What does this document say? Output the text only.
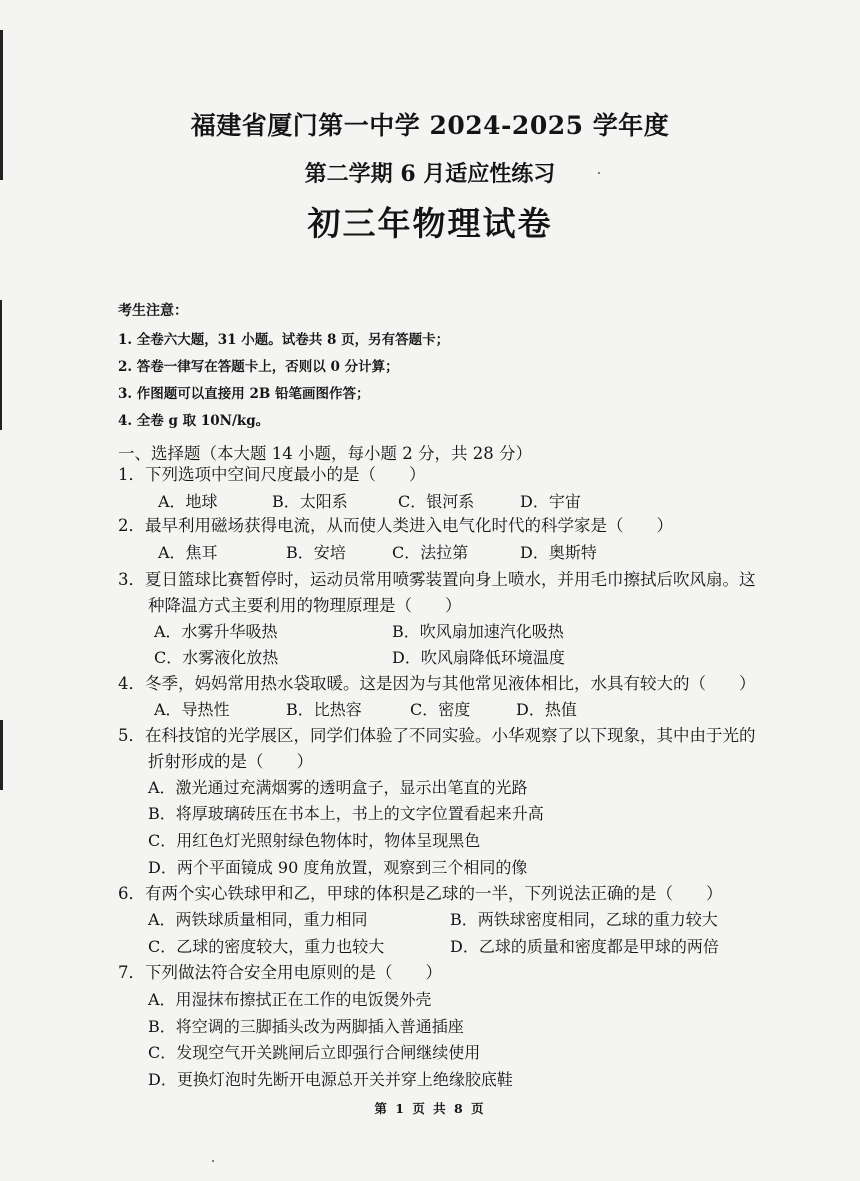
福建省厦门第一中学 2024-2025 学年度
第二学期 6 月适应性练习
初三年物理试卷
考生注意：
1. 全卷六大题，31 小题。试卷共 8 页，另有答题卡；
2. 答卷一律写在答题卡上，否则以 0 分计算；
3. 作图题可以直接用 2B 铅笔画图作答；
4. 全卷 g 取 10N/kg。
一、选择题（本大题 14 小题，每小题 2 分，共 28 分）
1．下列选项中空间尺度最小的是（　　）
A．地球	B．太阳系	C．银河系	D．宇宙
2．最早利用磁场获得电流，从而使人类进入电气化时代的科学家是（　　）
A．焦耳	B．安培	C．法拉第	D．奥斯特
3．夏日篮球比赛暂停时，运动员常用喷雾装置向身上喷水，并用毛巾擦拭后吹风扇。这
种降温方式主要利用的物理原理是（　　）
A．水雾升华吸热	B．吹风扇加速汽化吸热
C．水雾液化放热	D．吹风扇降低环境温度
4．冬季，妈妈常用热水袋取暖。这是因为与其他常见液体相比，水具有较大的（　　）
A．导热性	B．比热容	C．密度	D．热值
5．在科技馆的光学展区，同学们体验了不同实验。小华观察了以下现象，其中由于光的
折射形成的是（　　）
A．激光通过充满烟雾的透明盒子，显示出笔直的光路
B．将厚玻璃砖压在书本上，书上的文字位置看起来升高
C．用红色灯光照射绿色物体时，物体呈现黑色
D．两个平面镜成 90 度角放置，观察到三个相同的像
6．有两个实心铁球甲和乙，甲球的体积是乙球的一半，下列说法正确的是（　　）
A．两铁球质量相同，重力相同	B．两铁球密度相同，乙球的重力较大
C．乙球的密度较大，重力也较大	D．乙球的质量和密度都是甲球的两倍
7．下列做法符合安全用电原则的是（　　）
A．用湿抹布擦拭正在工作的电饭煲外壳
B．将空调的三脚插头改为两脚插入普通插座
C．发现空气开关跳闸后立即强行合闸继续使用
D．更换灯泡时先断开电源总开关并穿上绝缘胶底鞋
第 1 页 共 8 页
